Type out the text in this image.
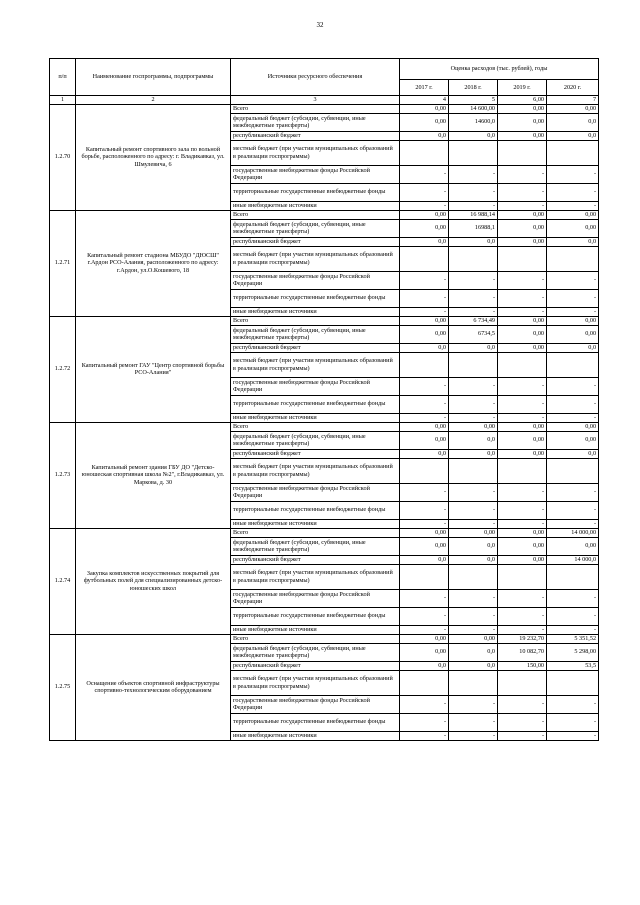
32
п/п	Наименование госпрограммы, подпрограммы	Источники ресурсного обеспечения	Оценка расходов (тыс. рублей), годы			
			2017 г.	2018 г.	2019 г.	2020 г.
1	2	3	4	5	6,00	7
1.2.70	Капитальный ремонт спортивного зала по вольной борьбе, расположенного по адресу: г. Владикавказ, ул. Шмулевича, 6	Всего	0,00	14 600,00	0,00	0,00
		федеральный бюджет (субсидии, субвенции, иные межбюджетные трансферты)	0,00	14600,0	0,00	0,0
		республиканский бюджет	0,0	0,0	0,00	0,0
		местный бюджет (при участии муниципальных образований в реализации госпрограммы)				
		государственные внебюджетные фонды Российской Федерации	-	-	-	-
		территориальные государственные внебюджетные фонды	-	-	-	-
		иные внебюджетные источники	-	-	-	-
1.2.71	Капитальный ремонт стадиона МБУДО "ДЮСШ" г.Ардон РСО-Алания, расположенного по адресу: г.Ардон, ул.О.Кошевого, 18	Всего	0,00	16 988,14	0,00	0,00
		федеральный бюджет (субсидии, субвенции, иные межбюджетные трансферты)	0,00	16988,1	0,00	0,00
		республиканский бюджет	0,0	0,0	0,00	0,0
		местный бюджет (при участии муниципальных образований в реализации госпрограммы)				
		государственные внебюджетные фонды Российской Федерации	-	-	-	-
		территориальные государственные внебюджетные фонды	-	-	-	-
		иные внебюджетные источники	-	-	-	-
1.2.72	Капитальный ремонт ГАУ "Центр спортивной борьбы РСО-Алания"	Всего	0,00	6 734,49	0,00	0,00
		федеральный бюджет (субсидии, субвенции, иные межбюджетные трансферты)	0,00	6734,5	0,00	0,00
		республиканский бюджет	0,0	0,0	0,00	0,0
		местный бюджет (при участии муниципальных образований в реализации госпрограммы)				
		государственные внебюджетные фонды Российской Федерации	-	-	-	-
		территориальные государственные внебюджетные фонды	-	-	-	-
		иные внебюджетные источники	-	-	-	-
1.2.73	Капитальный ремонт здания ГБУ ДО "Детско-юношеская спортивная школа №2", г.Владикавказ, ул. Маркова, д. 30	Всего	0,00	0,00	0,00	0,00
		федеральный бюджет (субсидии, субвенции, иные межбюджетные трансферты)	0,00	0,0	0,00	0,00
		республиканский бюджет	0,0	0,0	0,00	0,0
		местный бюджет (при участии муниципальных образований в реализации госпрограммы)				
		государственные внебюджетные фонды Российской Федерации	-	-	-	-
		территориальные государственные внебюджетные фонды	-	-	-	-
		иные внебюджетные источники	-	-	-	-
1.2.74	Закупка комплектов искусственных покрытий для футбольных полей для специализированных детско-юношеских школ	Всего	0,00	0,00	0,00	14 000,00
		федеральный бюджет (субсидии, субвенции, иные межбюджетные трансферты)	0,00	0,0	0,00	0,00
		республиканский бюджет	0,0	0,0	0,00	14 000,0
		местный бюджет (при участии муниципальных образований в реализации госпрограммы)				
		государственные внебюджетные фонды Российской Федерации	-	-	-	-
		территориальные государственные внебюджетные фонды	-	-	-	-
		иные внебюджетные источники	-	-	-	-
1.2.75	Оснащение объектов спортивной инфраструктуры спортивно-технологическим оборудованием	Всего	0,00	0,00	19 232,70	5 351,52
		федеральный бюджет (субсидии, субвенции, иные межбюджетные трансферты)	0,00	0,0	10 082,70	5 298,00
		республиканский бюджет	0,0	0,0	150,00	53,5
		местный бюджет (при участии муниципальных образований в реализации госпрограммы)				
		государственные внебюджетные фонды Российской Федерации	-	-	-	-
		территориальные государственные внебюджетные фонды	-	-	-	-
		иные внебюджетные источники	-	-	-	-
